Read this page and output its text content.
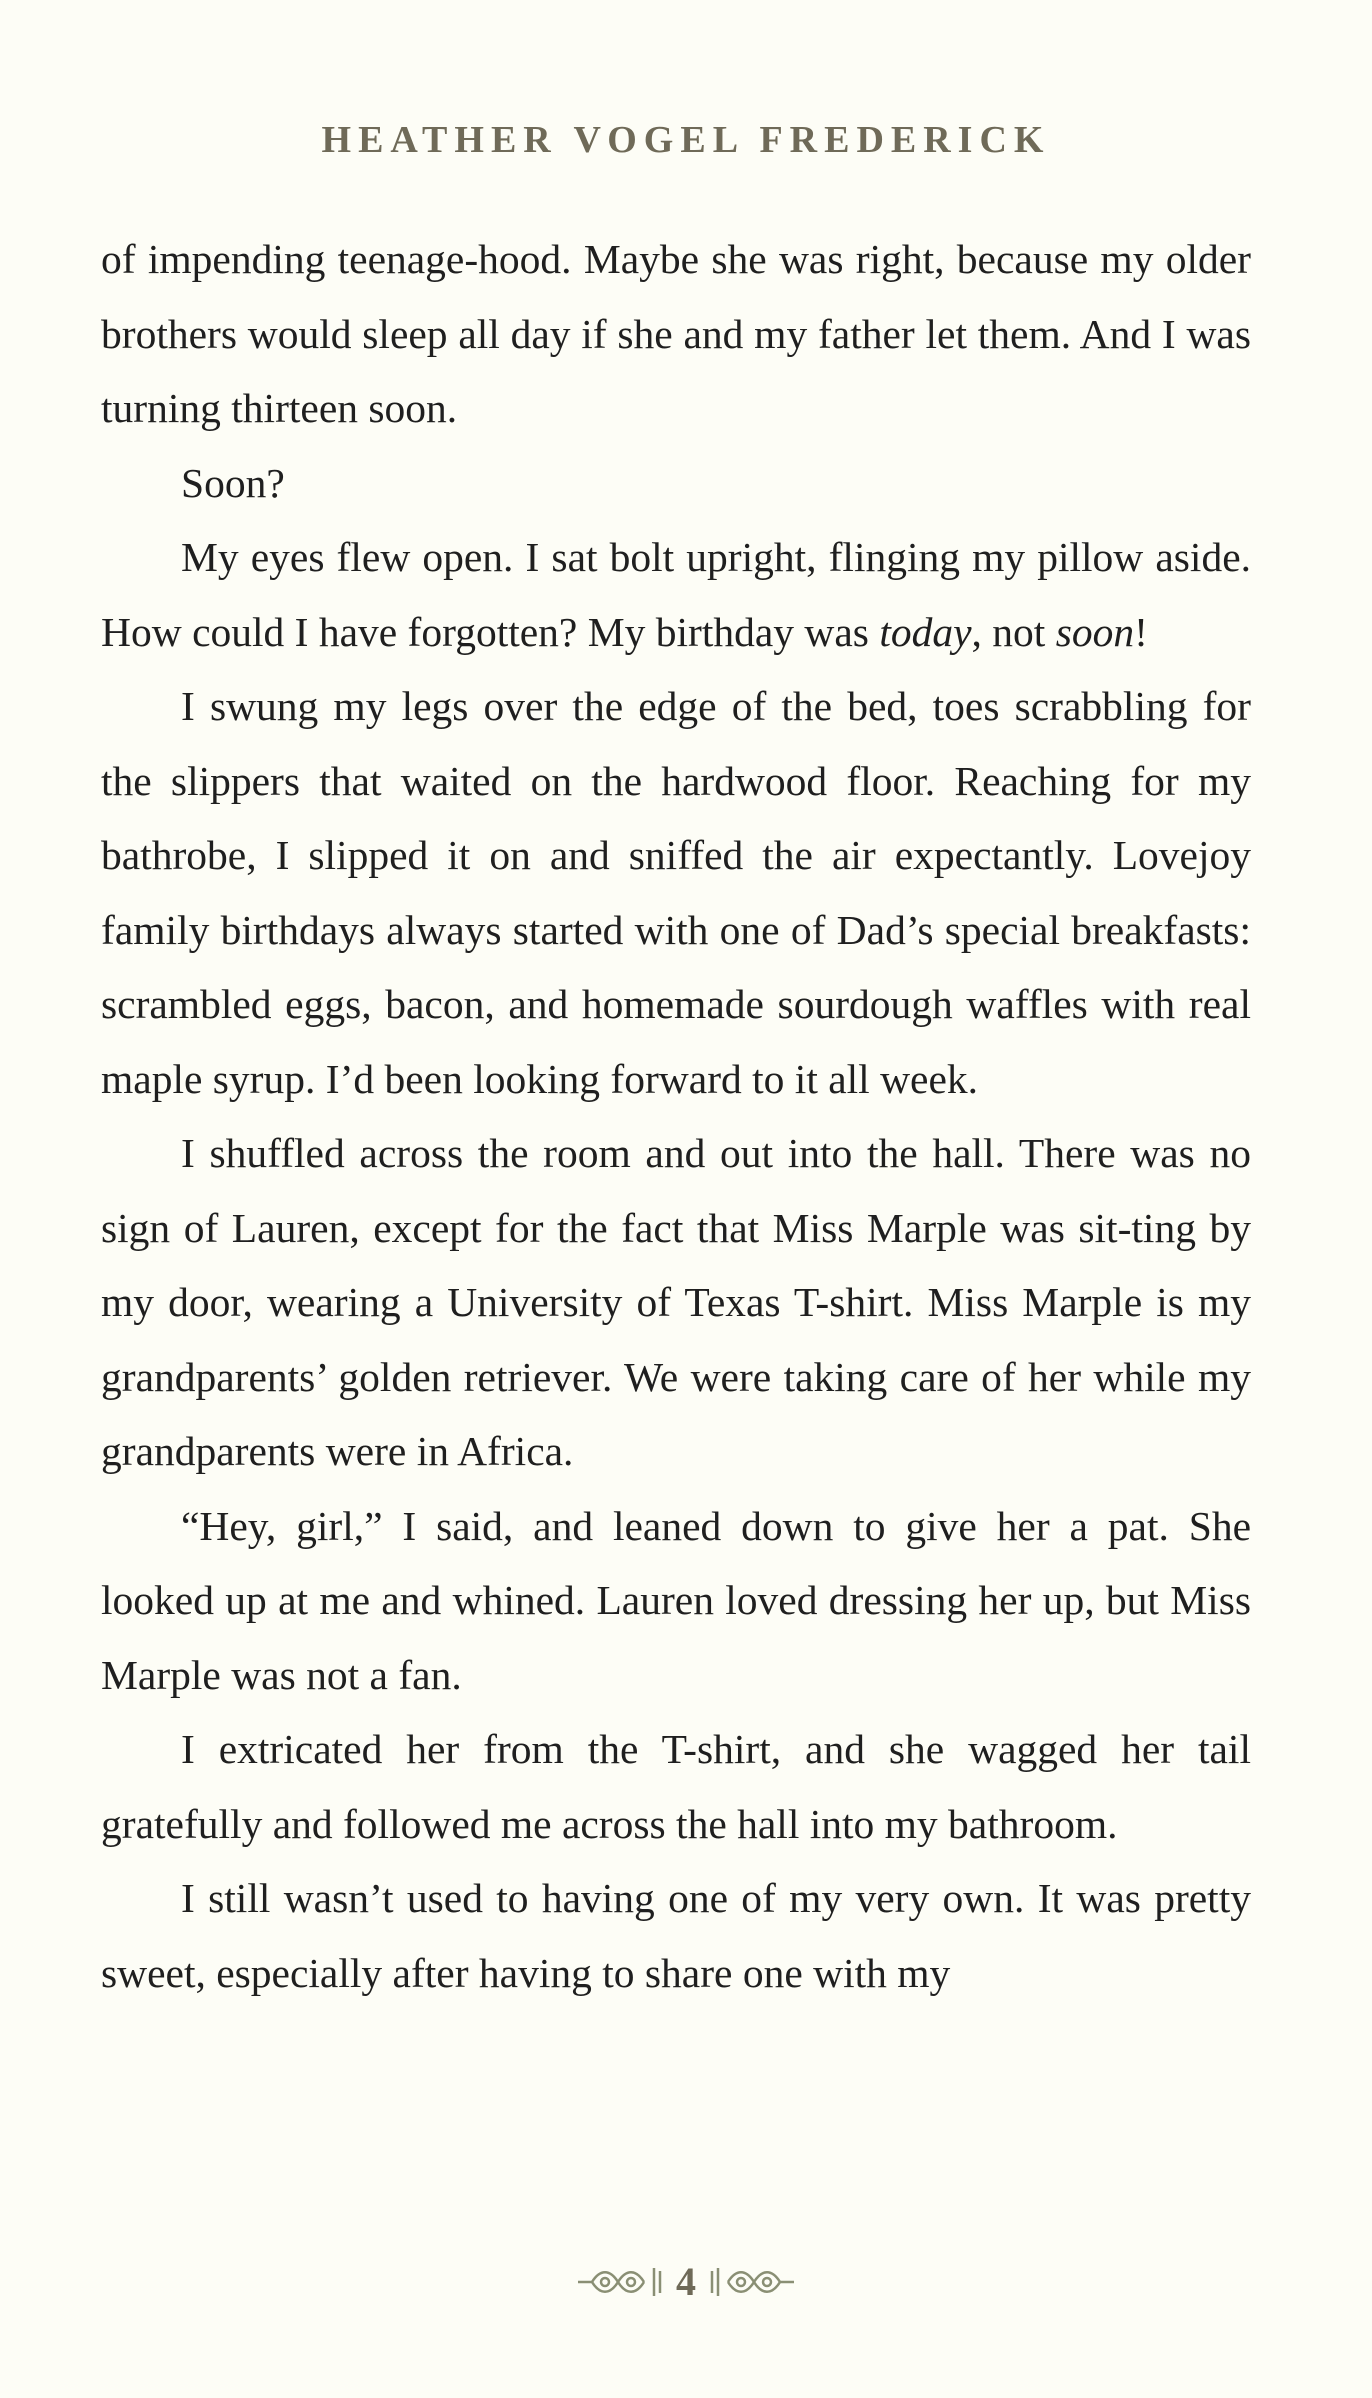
HEATHER VOGEL FREDERICK

of impending teenage-hood. Maybe she was right, because my older brothers would sleep all day if she and my father let them. And I was turning thirteen soon.

Soon?

My eyes flew open. I sat bolt upright, flinging my pillow aside. How could I have forgotten? My birthday was today, not soon!

I swung my legs over the edge of the bed, toes scrabbling for the slippers that waited on the hardwood floor. Reaching for my bathrobe, I slipped it on and sniffed the air expectantly. Lovejoy family birthdays always started with one of Dad’s special breakfasts: scrambled eggs, bacon, and homemade sourdough waffles with real maple syrup. I’d been looking forward to it all week.

I shuffled across the room and out into the hall. There was no sign of Lauren, except for the fact that Miss Marple was sit-ting by my door, wearing a University of Texas T-shirt. Miss Marple is my grandparents’ golden retriever. We were taking care of her while my grandparents were in Africa.

“Hey, girl,” I said, and leaned down to give her a pat. She looked up at me and whined. Lauren loved dressing her up, but Miss Marple was not a fan.

I extricated her from the T-shirt, and she wagged her tail gratefully and followed me across the hall into my bathroom.

I still wasn’t used to having one of my very own. It was pretty sweet, especially after having to share one with my

4
